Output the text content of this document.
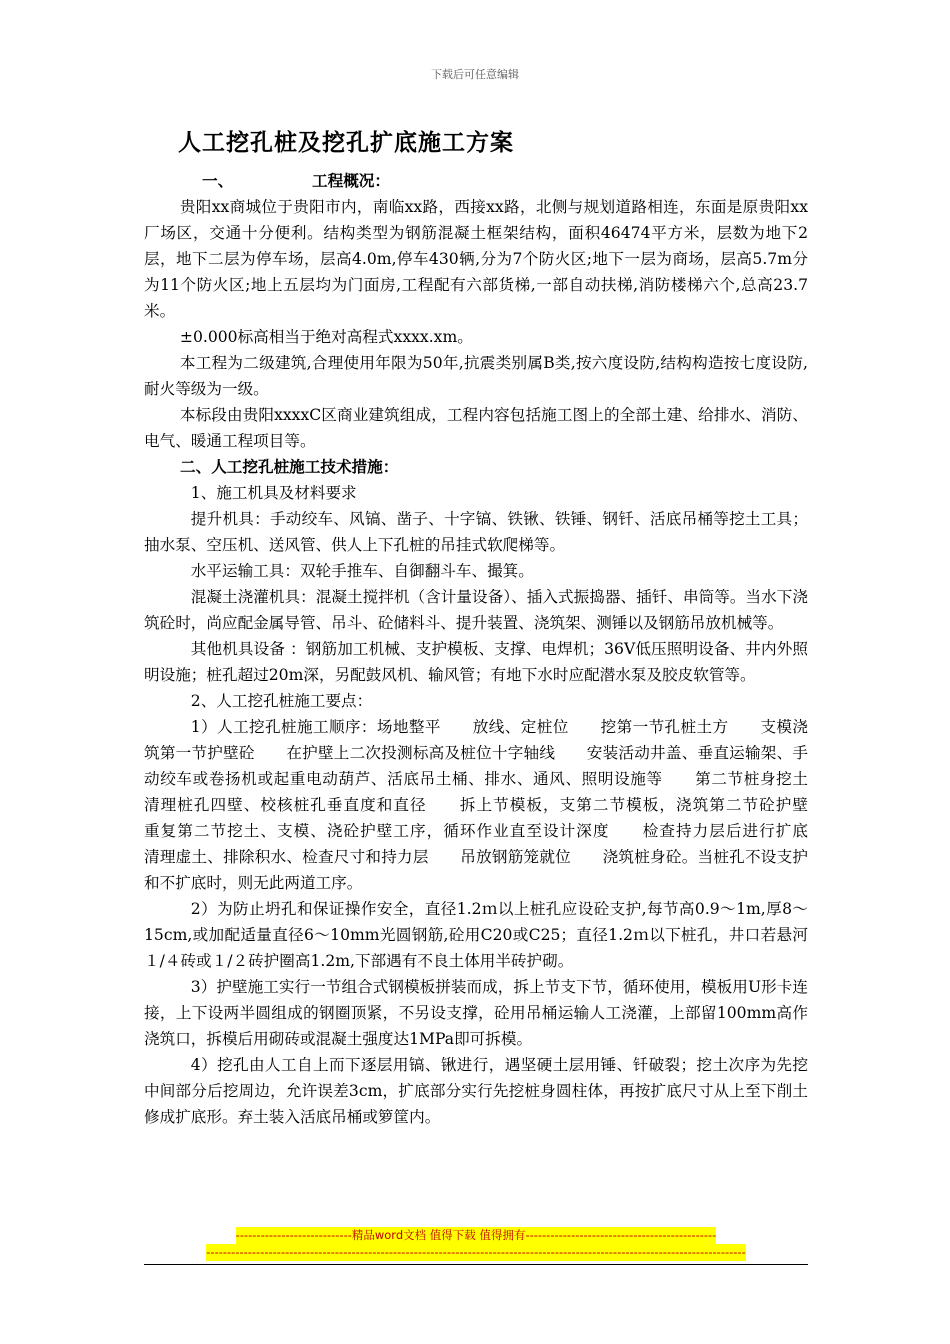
下载后可任意编辑
人工挖孔桩及挖孔扩底施工方案
一、	工程概况：

贵阳xx商城位于贵阳市内，南临xx路，西接xx路，北侧与规划道路相连，东面是原贵阳xx厂场区，交通十分便利。结构类型为钢筋混凝土框架结构，面积46474平方米，层数为地下2层，地下二层为停车场，层高4.0m,停车430辆,分为7个防火区;地下一层为商场，层高5.7m分为11个防火区;地上五层均为门面房,工程配有六部货梯,一部自动扶梯,消防楼梯六个,总高23.7米。

±0.000标高相当于绝对高程式xxxx.xm。

本工程为二级建筑,合理使用年限为50年,抗震类别属B类,按六度设防,结构构造按七度设防,耐火等级为一级。

本标段由贵阳xxxxC区商业建筑组成，工程内容包括施工图上的全部土建、给排水、消防、电气、暖通工程项目等。

二、人工挖孔桩施工技术措施：

1、施工机具及材料要求

提升机具：手动绞车、风镐、凿子、十字镐、铁锹、铁锤、钢钎、活底吊桶等挖土工具；抽水泵、空压机、送风管、供人上下孔桩的吊挂式软爬梯等。

水平运输工具：双轮手推车、自御翻斗车、撮箕。

混凝土浇灌机具：混凝土搅拌机（含计量设备）、插入式振捣器、插钎、串筒等。当水下浇筑砼时，尚应配金属导管、吊斗、砼储料斗、提升装置、浇筑架、测锤以及钢筋吊放机械等。

其他机具设备 ：钢筋加工机械、支护模板、支撑、电焊机；36V低压照明设备、井内外照明设施；桩孔超过20m深，另配鼓风机、输风管；有地下水时应配潜水泵及胶皮软管等。

2、人工挖孔桩施工要点：

1）人工挖孔桩施工顺序：场地整平　　放线、定桩位　　挖第一节孔桩土方　　支模浇筑第一节护壁砼　　在护壁上二次投测标高及桩位十字轴线　　安装活动井盖、垂直运输架、手动绞车或卷扬机或起重电动葫芦、活底吊土桶、排水、通风、照明设施等　　第二节桩身挖土　　清理桩孔四壁、校核桩孔垂直度和直径　　拆上节模板，支第二节模板，浇筑第二节砼护壁　　重复第二节挖土、支模、浇砼护壁工序，循环作业直至设计深度　　检查持力层后进行扩底　　清理虚土、排除积水、检查尺寸和持力层　　吊放钢筋笼就位　　浇筑桩身砼。当桩孔不设支护和不扩底时，则无此两道工序。

2）为防止坍孔和保证操作安全，直径1.2ｍ以上桩孔应设砼支护,每节高0.9～1m,厚8～15cm,或加配适量直径6～10mm光圆钢筋,砼用C20或C25；直径1.2ｍ以下桩孔，井口若悬河１/４砖或１/２砖护圈高1.2m,下部遇有不良土体用半砖护砌。

3）护壁施工实行一节组合式钢模板拼装而成，拆上节支下节，循环使用，模板用U形卡连接，上下设两半圆组成的钢圈顶紧，不另设支撑，砼用吊桶运输人工浇灌，上部留100mm高作浇筑口，拆模后用砌砖或混凝土强度达1MPa即可拆模。

4）挖孔由人工自上而下逐层用镐、锹进行，遇坚硬土层用锤、钎破裂；挖土次序为先挖中间部分后挖周边，允许误差3cm，扩底部分实行先挖桩身圆柱体，再按扩底尺寸从上至下削土修成扩底形。弃土装入活底吊桶或箩筐内。

----------------------------精品word文档 值得下载 值得拥有----------------------------------------------
----------------------------------------------------------------------------------------------------------------------------------
